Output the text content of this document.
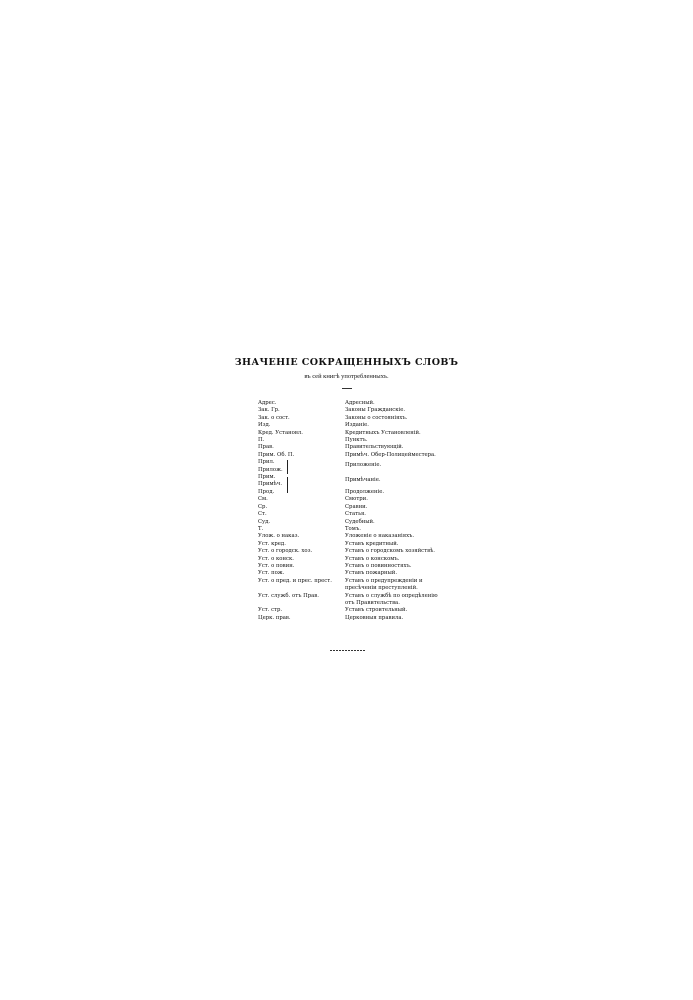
ЗНАЧЕНІЕ СОКРАЩЕННЫХЪ СЛОВЪ
въ сей книгѣ употребленныхъ.
Адрес.	Адресный.
Зак. Гр.	Законы Гражданскіе.
Зак. о сост.	Законы о состояніяхъ.
Изд.	Изданіе.
Кред. Установл.	Кредитныхъ Установленій.
П.	Пунктъ.
Прав.	Правительствующій.
Прим. Об. П.	Примѣч. Обер-Полицейместера.
Прил.	Приложеніе.
Прилож.
Прим.	Примѣчаніе.
Примѣч.
Прод.	Продолженіе.
См.	Смотри.
Ср.	Сравни.
Ст.	Статья.
Суд.	Судебный.
Т.	Томъ.
Улож. о наказ.	Уложеніе о наказаніяхъ.
Уст. кред.	Уставъ кредитный.
Уст. о городск. хоз.	Уставъ о городскомъ хозяйствѣ.
Уст. о конск.	Уставъ о конскомъ.
Уст. о повин.	Уставъ о повинностяхъ.
Уст. пож.	Уставъ пожарный.
Уст. о пред. и прес. прест.	Уставъ о предупрежденіи и пресѣченіи преступленій.
Уст. служб. отъ Прав.	Уставъ о службѣ по опредѣленію отъ Правительства.
Уст. стр.	Уставъ строительный.
Церк. прав.	Церковныя правила.
